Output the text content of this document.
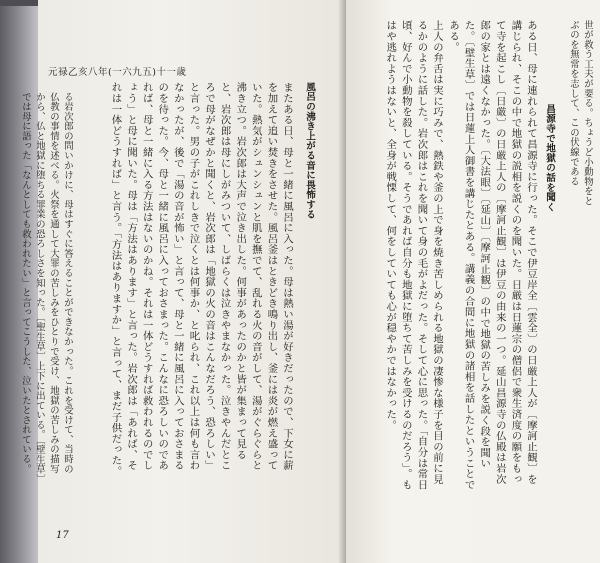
元禄乙亥八年(一六九五)十一歳
風呂の沸き上がる音に畏怖する
またある日、母と一緒に風呂に入った。母は熱い湯が好きだったので、下女に薪を加えて追い焚きをさせた。風呂釜はときどき鳴り出し、釜には炎が燃え盛っていた。熱気がシュンシュンと肌を撫でて、乱れる火の音がして、湯がぐらぐらと沸き立つ。岩次郎は大声で泣き出した。何事があったのかと皆が集まって見ると、岩次郎は母にしがみついて、しばらくは泣きやまなかった。泣きやんだところで母がなぜかと聞くと、岩次郎は「地獄の火の音はこんなだろう、恐ろしい」と言った。男の子がこれしきで泣くとは何事か、と叱られ、これ以上は何も言わなかったが、後で「湯の音が怖い」と言って、母と一緒に風呂に入っておさまるのを待った。今、母と一緒に風呂に入っておさまった。こんなに恐ろしいのであれば、母と一緒に入る方法はないのかね。それは一体どうすれば救われるのでしょう」と母に聞いた。母は「方法はあります」と言った。岩次郎は「あれば、それは一体どうすれば」と言う。「方法はありますか」と言って、まだ子供だった。
る岩次郎の問いかけに、母はすぐに答えることができなかった。これを受けて、当時の仏教の事情を述べる。火祭を通して大罪の苦しみをひとりで受け、地獄の苦しみの描写から、仏と地獄に堕ちる罪業の恐ろしさを知った。〔聖生草〕上下に出ている。〔壁生草〕では母に語った「なんとしても救われたい」と言ってこうした、泣いたとされている。
17
世が救う工夫が要る。ちょうど小動物をとぶのを無常を志して、この伏線である
昌源寺で地獄の話を聞く
ある日、母に連れられて昌源寺に行った。そこで伊豆岸全〔雲全〕の日厳上人が〔摩訶止観〕を講じられ、そこの中で地獄の説相を説くのを聞いた。日厳は日蓮宗の僧侶で衆生済度の願をもって寺を起こし〔日厳〕の日厳上人の〔摩訶止観〕は伊豆の由来の一つ。延山昌源寺の仏殿は岩次郎の家とは遠くなかった。〔大法眼〕〔延山〕〔摩訶止観〕の中で地獄の苦しみを説く段を聞いた。〔壁生草〕では日蓮上人御書を講じたとある。講義の合間に地獄の諸相を話したということである。
上人の弁舌は実に巧みで、熱鉄や釜の上で身を焼き苦しめられる地獄の凄惨な様子を目の前に見るかのように話した。岩次郎はこれを聞いて身の毛がよだった。そして心に思った。「自分は常日頃、好んで小動物を殺している。そうであれば自分も地獄に堕ちて苦しみを受けるのだろう」。もはや逃れようはないと、全身が戦慄して、何をしていても心が穏やかではなかった。
